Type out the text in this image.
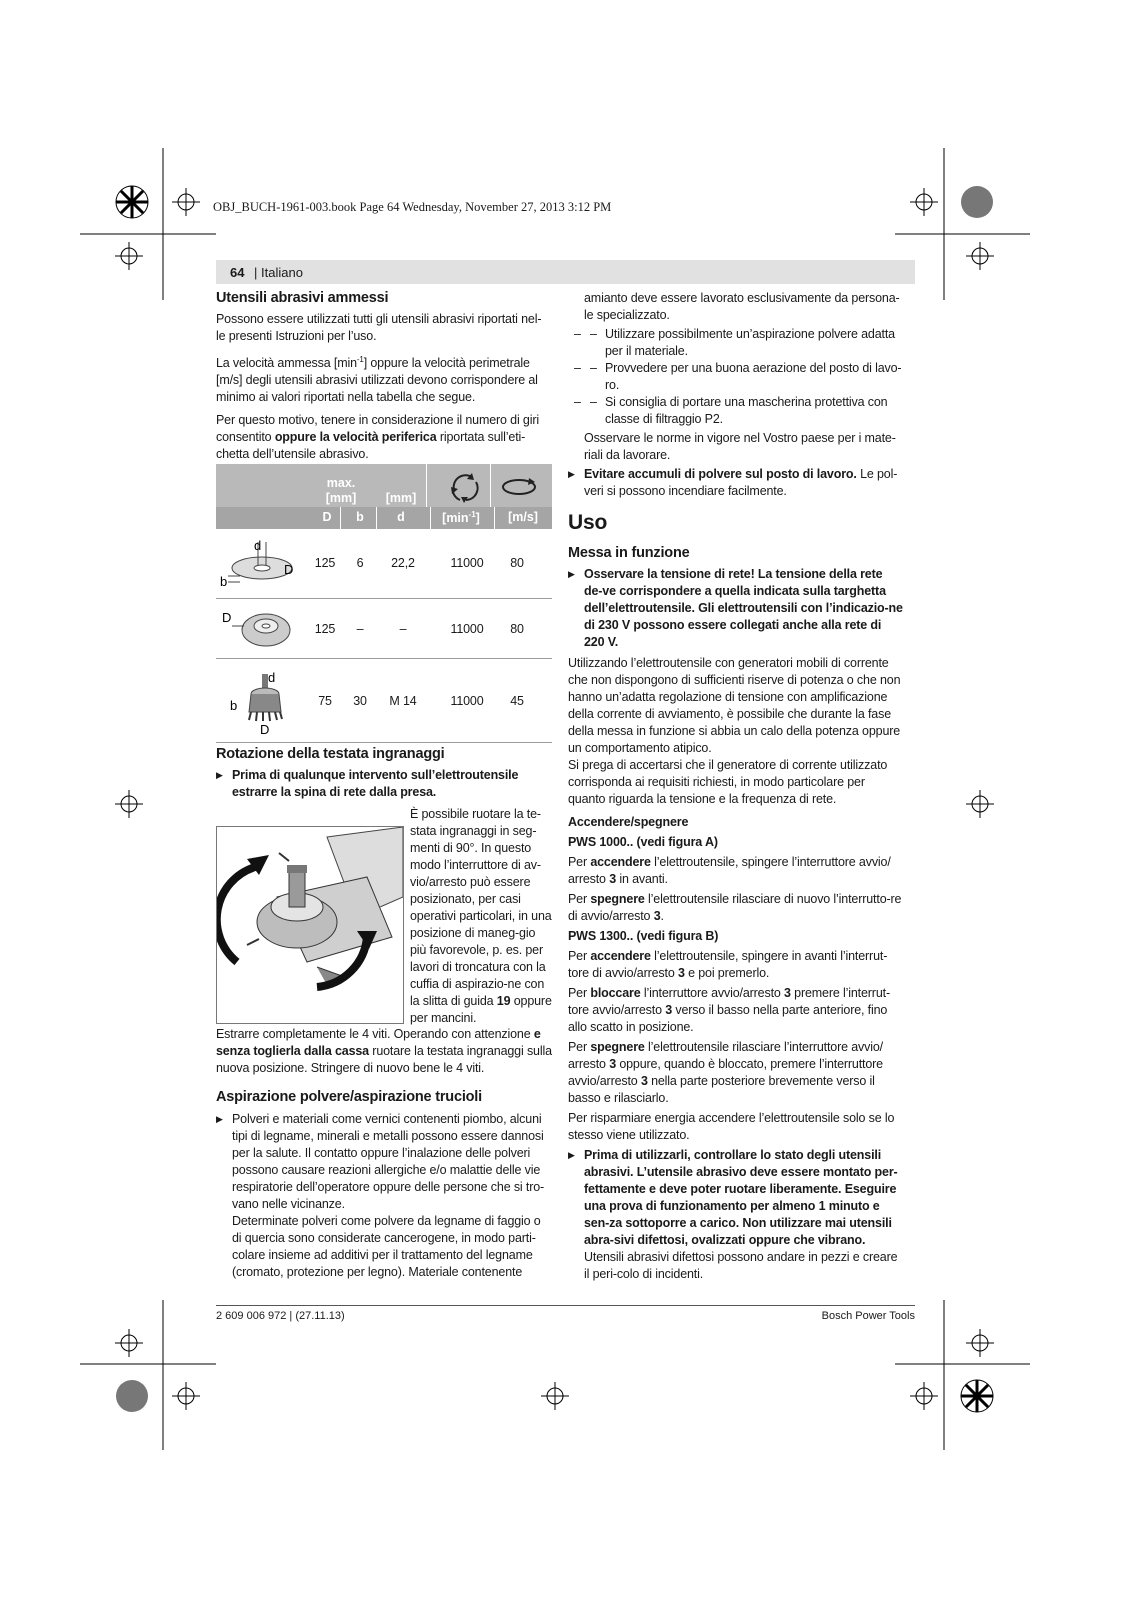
OBJ_BUCH-1961-003.book Page 64 Wednesday, November 27, 2013 3:12 PM
64 | Italiano
Utensili abrasivi ammessi

Possono essere utilizzati tutti gli utensili abrasivi riportati nel-le presenti Istruzioni per l’uso.

La velocità ammessa $[\min^{-1}]$ oppure la velocità perimetrale [m/s] degli utensili abrasivi utilizzati devono corrispondere al minimo ai valori riportati nella tabella che segue.

Per questo motivo, tenere in considerazione il numero di giri consentito oppure la velocità periferica riportata sull’eti-chetta dell’utensile abrasivo.

max.
[mm]	[mm]
D	b	d	$[\min^{-1}]$	[m/s]
d
D
b
D
d
b
D
125	6	22,2	11000	80
125	–	–	11000	80
75	30	M 14	11000	45
Rotazione della testata ingranaggi

▶ Prima di qualunque intervento sull’elettroutensile estrarre la spina di rete dalla presa.

È possibile ruotare la te-stata ingranaggi in seg-menti di 90°. In questo modo l’interruttore di av-vio/arresto può essere posizionato, per casi operativi particolari, in una posizione di maneg-gio più favorevole, p. es. per lavori di troncatura con la cuffia di aspirazio-ne con la slitta di guida 19 oppure per mancini.

Estrarre completamente le 4 viti. Operando con attenzione e senza toglierla dalla cassa ruotare la testata ingranaggi sulla nuova posizione. Stringere di nuovo bene le 4 viti.

Aspirazione polvere/aspirazione trucioli

▶ Polveri e materiali come vernici contenenti piombo, alcuni tipi di legname, minerali e metalli possono essere dannosi per la salute. Il contatto oppure l’inalazione delle polveri possono causare reazioni allergiche e/o malattie delle vie respiratorie dell’operatore oppure delle persone che si tro-vano nelle vicinanze.

Determinate polveri come polvere da legname di faggio o di quercia sono considerate cancerogene, in modo parti-colare insieme ad additivi per il trattamento del legname (cromato, protezione per legno). Materiale contenente

amianto deve essere lavorato esclusivamente da persona-le specializzato.

– – Utilizzare possibilmente un’aspirazione polvere adatta per il materiale.

– – Provvedere per una buona aerazione del posto di lavo-ro.

– – Si consiglia di portare una mascherina protettiva con classe di filtraggio P2.

Osservare le norme in vigore nel Vostro paese per i mate-riali da lavorare.

▶ Evitare accumuli di polvere sul posto di lavoro. Le pol-veri si possono incendiare facilmente.

Uso
Messa in funzione

▶ Osservare la tensione di rete! La tensione della rete de-ve corrispondere a quella indicata sulla targhetta dell’elettroutensile. Gli elettroutensili con l’indicazio-ne di 230 V possono essere collegati anche alla rete di 220 V.

Utilizzando l’elettroutensile con generatori mobili di corrente che non dispongono di sufficienti riserve di potenza o che non hanno un’adatta regolazione di tensione con amplificazione della corrente di avviamento, è possibile che durante la fase della messa in funzione si abbia un calo della potenza oppure un comportamento atipico.

Si prega di accertarsi che il generatore di corrente utilizzato corrisponda ai requisiti richiesti, in modo particolare per quanto riguarda la tensione e la frequenza di rete.

Accendere/spegnere

PWS 1000.. (vedi figura A)

Per accendere l’elettroutensile, spingere l’interruttore avvio/ arresto 3 in avanti.

Per spegnere l’elettroutensile rilasciare di nuovo l’interrutto-re di avvio/arresto 3.

PWS 1300.. (vedi figura B)

Per accendere l’elettroutensile, spingere in avanti l’interrut-tore di avvio/arresto 3 e poi premerlo.

Per bloccare l’interruttore avvio/arresto 3 premere l’interrut-tore avvio/arresto 3 verso il basso nella parte anteriore, fino allo scatto in posizione.

Per spegnere l’elettroutensile rilasciare l’interruttore avvio/ arresto 3 oppure, quando è bloccato, premere l’interruttore avvio/arresto 3 nella parte posteriore brevemente verso il basso e rilasciarlo.

Per risparmiare energia accendere l’elettroutensile solo se lo stesso viene utilizzato.

▶ Prima di utilizzarli, controllare lo stato degli utensili abrasivi. L’utensile abrasivo deve essere montato per-fettamente e deve poter ruotare liberamente. Eseguire una prova di funzionamento per almeno 1 minuto e sen-za sottoporre a carico. Non utilizzare mai utensili abra-sivi difettosi, ovalizzati oppure che vibrano. Utensili abrasivi difettosi possono andare in pezzi e creare il peri-colo di incidenti.

2 609 006 972 | (27.11.13)	Bosch Power Tools
